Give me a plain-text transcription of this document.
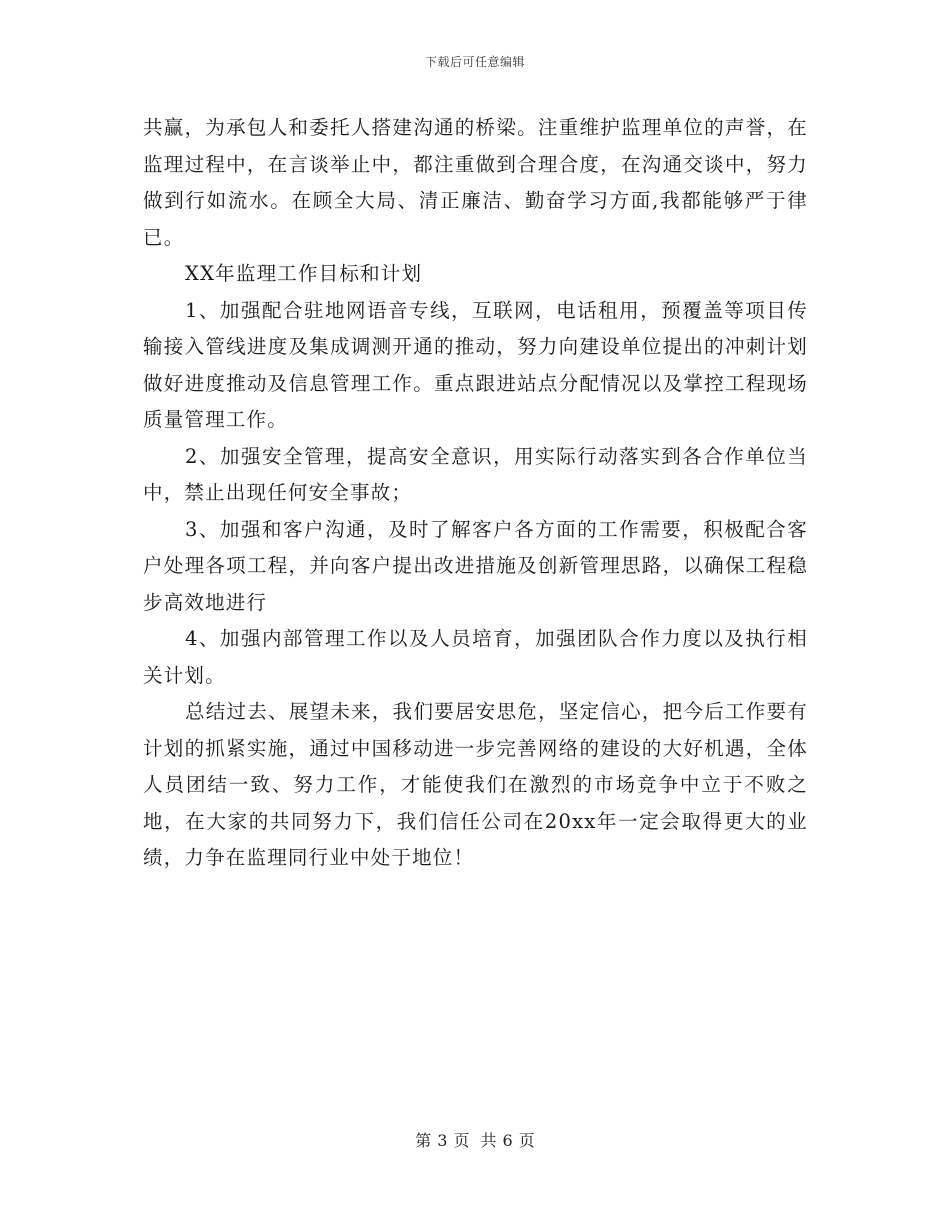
下载后可任意编辑

共赢，为承包人和委托人搭建沟通的桥梁。注重维护监理单位的声誉，在监理过程中，在言谈举止中，都注重做到合理合度，在沟通交谈中，努力做到行如流水。在顾全大局、清正廉洁、勤奋学习方面,我都能够严于律已。

XX年监理工作目标和计划

1、加强配合驻地网语音专线，互联网，电话租用，预覆盖等项目传输接入管线进度及集成调测开通的推动，努力向建设单位提出的冲刺计划做好进度推动及信息管理工作。重点跟进站点分配情况以及掌控工程现场质量管理工作。

2、加强安全管理，提高安全意识，用实际行动落实到各合作单位当中，禁止出现任何安全事故；

3、加强和客户沟通，及时了解客户各方面的工作需要，积极配合客户处理各项工程，并向客户提出改进措施及创新管理思路，以确保工程稳步高效地进行

4、加强内部管理工作以及人员培育，加强团队合作力度以及执行相关计划。

总结过去、展望未来，我们要居安思危，坚定信心，把今后工作要有计划的抓紧实施，通过中国移动进一步完善网络的建设的大好机遇，全体人员团结一致、努力工作，才能使我们在激烈的市场竞争中立于不败之地，在大家的共同努力下，我们信任公司在20xx年一定会取得更大的业绩，力争在监理同行业中处于地位！

第 3 页 共 6 页
